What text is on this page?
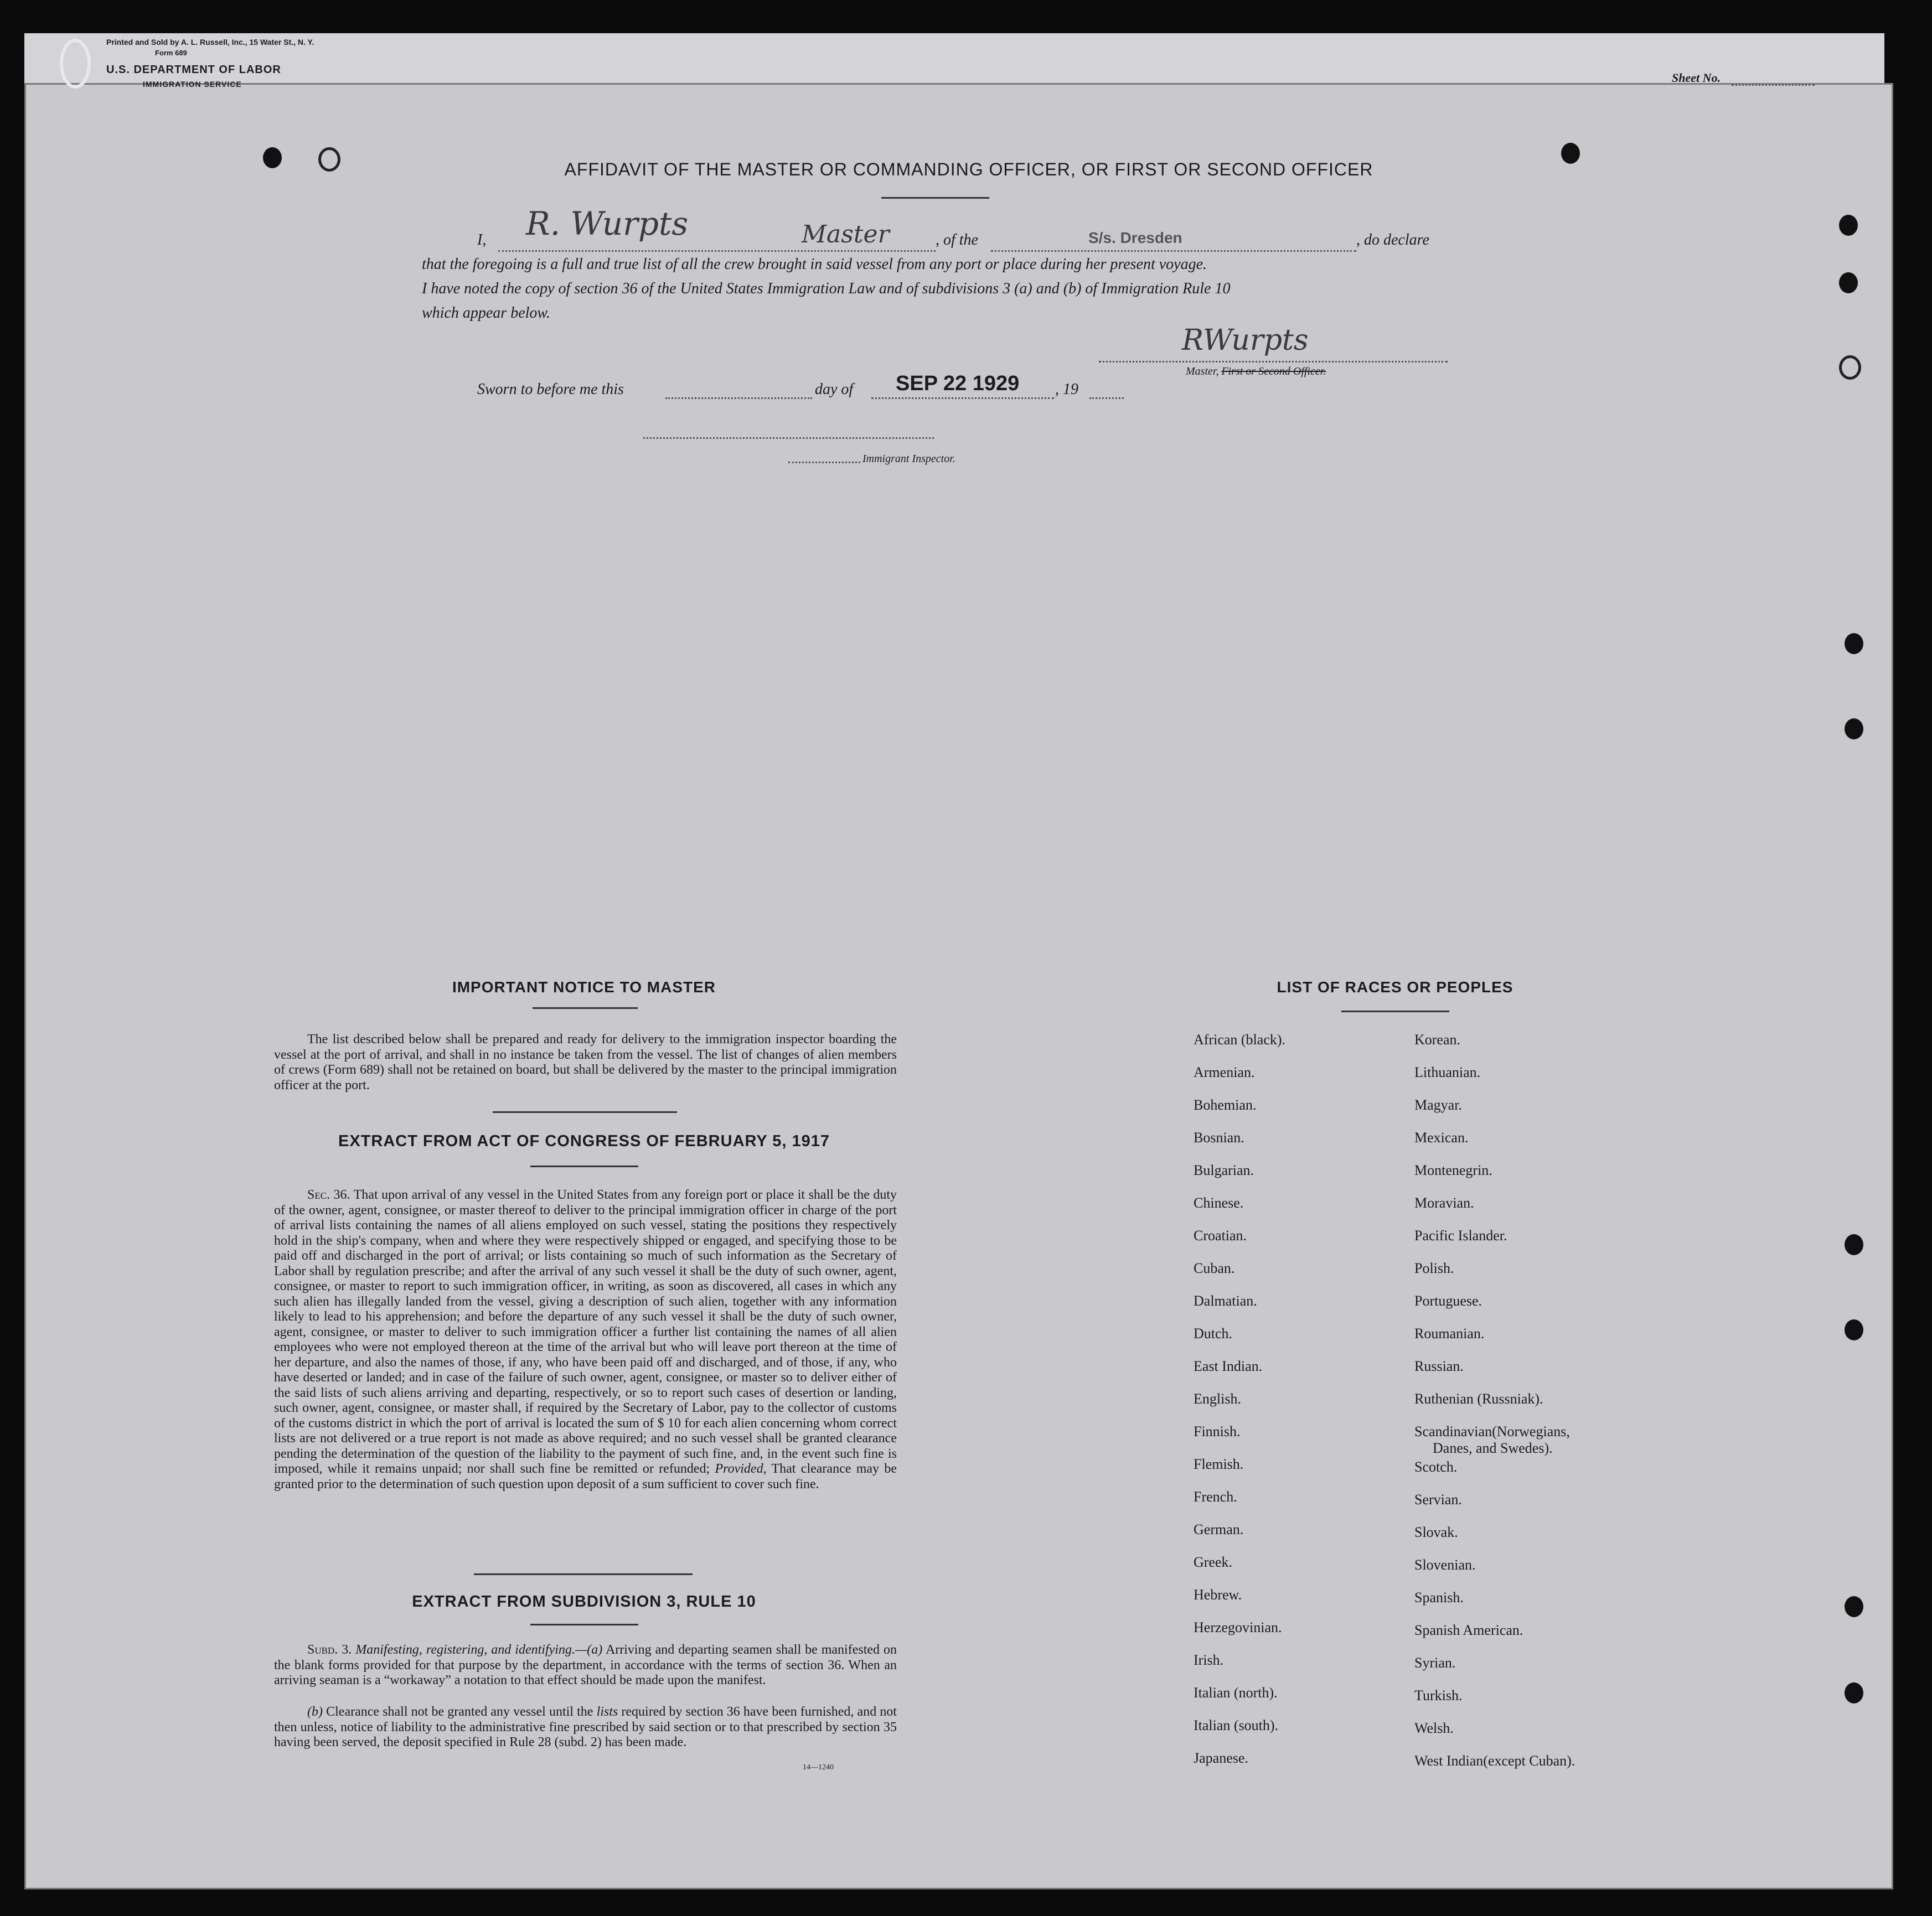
Printed and Sold by A. L. Russell, Inc., 15 Water St., N. Y.
Form 689
U.S. DEPARTMENT OF LABOR
IMMIGRATION SERVICE	Sheet No.
AFFIDAVIT OF THE MASTER OR COMMANDING OFFICER, OR FIRST OR SECOND OFFICER
I, R. Wurpts	Master	, of the	S/s. Dresden	, do declare
that the foregoing is a full and true list of all the crew brought in said vessel from any port or place during her present voyage.
I have noted the copy of section 36 of the United States Immigration Law and of subdivisions 3 (a) and (b) of Immigration Rule 10
which appear below.
RWurpts
Master, First or Second Officer.
Sworn to before me this	day of SEP 22 1929 , 19
Immigrant Inspector.
IMPORTANT NOTICE TO MASTER
The list described below shall be prepared and ready for delivery to the immigration inspector boarding the vessel at the port of arrival, and shall in no instance be taken from the vessel. The list of changes of alien members of crews (Form 689) shall not be retained on board, but shall be delivered by the master to the principal immigration officer at the port.
EXTRACT FROM ACT OF CONGRESS OF FEBRUARY 5, 1917
Sec. 36. That upon arrival of any vessel in the United States from any foreign port or place it shall be the duty of the owner, agent, consignee, or master thereof to deliver to the principal immigration officer in charge of the port of arrival lists containing the names of all aliens employed on such vessel, stating the positions they respectively hold in the ship's company, when and where they were respectively shipped or engaged, and specifying those to be paid off and discharged in the port of arrival; or lists containing so much of such information as the Secretary of Labor shall by regulation prescribe; and after the arrival of any such vessel it shall be the duty of such owner, agent, consignee, or master to report to such immigration officer, in writing, as soon as discovered, all cases in which any such alien has illegally landed from the vessel, giving a description of such alien, together with any information likely to lead to his apprehension; and before the departure of any such vessel it shall be the duty of such owner, agent, consignee, or master to deliver to such immigration officer a further list containing the names of all alien employees who were not employed thereon at the time of the arrival but who will leave port thereon at the time of her departure, and also the names of those, if any, who have been paid off and discharged, and of those, if any, who have deserted or landed; and in case of the failure of such owner, agent, consignee, or master so to deliver either of the said lists of such aliens arriving and departing, respectively, or so to report such cases of desertion or landing, such owner, agent, consignee, or master shall, if required by the Secretary of Labor, pay to the collector of customs of the customs district in which the port of arrival is located the sum of $ 10 for each alien concerning whom correct lists are not delivered or a true report is not made as above required; and no such vessel shall be granted clearance pending the determination of the question of the liability to the payment of such fine, and, in the event such fine is imposed, while it remains unpaid; nor shall such fine be remitted or refunded; Provided, That clearance may be granted prior to the determination of such question upon deposit of a sum sufficient to cover such fine.
EXTRACT FROM SUBDIVISION 3, RULE 10
Subd. 3. Manifesting, registering, and identifying.—(a) Arriving and departing seamen shall be manifested on the blank forms provided for that purpose by the department, in accordance with the terms of section 36. When an arriving seaman is a “workaway” a notation to that effect should be made upon the manifest.
(b) Clearance shall not be granted any vessel until the lists required by section 36 have been furnished, and not then unless, notice of liability to the administrative fine prescribed by said section or to that prescribed by section 35 having been served, the deposit specified in Rule 28 (subd. 2) has been made.
14—1240
LIST OF RACES OR PEOPLES
African (black).
Armenian.
Bohemian.
Bosnian.
Bulgarian.
Chinese.
Croatian.
Cuban.
Dalmatian.
Dutch.
East Indian.
English.
Finnish.
Flemish.
French.
German.
Greek.
Hebrew.
Herzegovinian.
Irish.
Italian (north).
Italian (south).
Japanese.
Korean.
Lithuanian.
Magyar.
Mexican.
Montenegrin.
Moravian.
Pacific Islander.
Polish.
Portuguese.
Roumanian.
Russian.
Ruthenian (Russniak).
Scandinavian(Norwegians,
Danes, and Swedes).
Scotch.
Servian.
Slovak.
Slovenian.
Spanish.
Spanish American.
Syrian.
Turkish.
Welsh.
West Indian(except Cuban).
